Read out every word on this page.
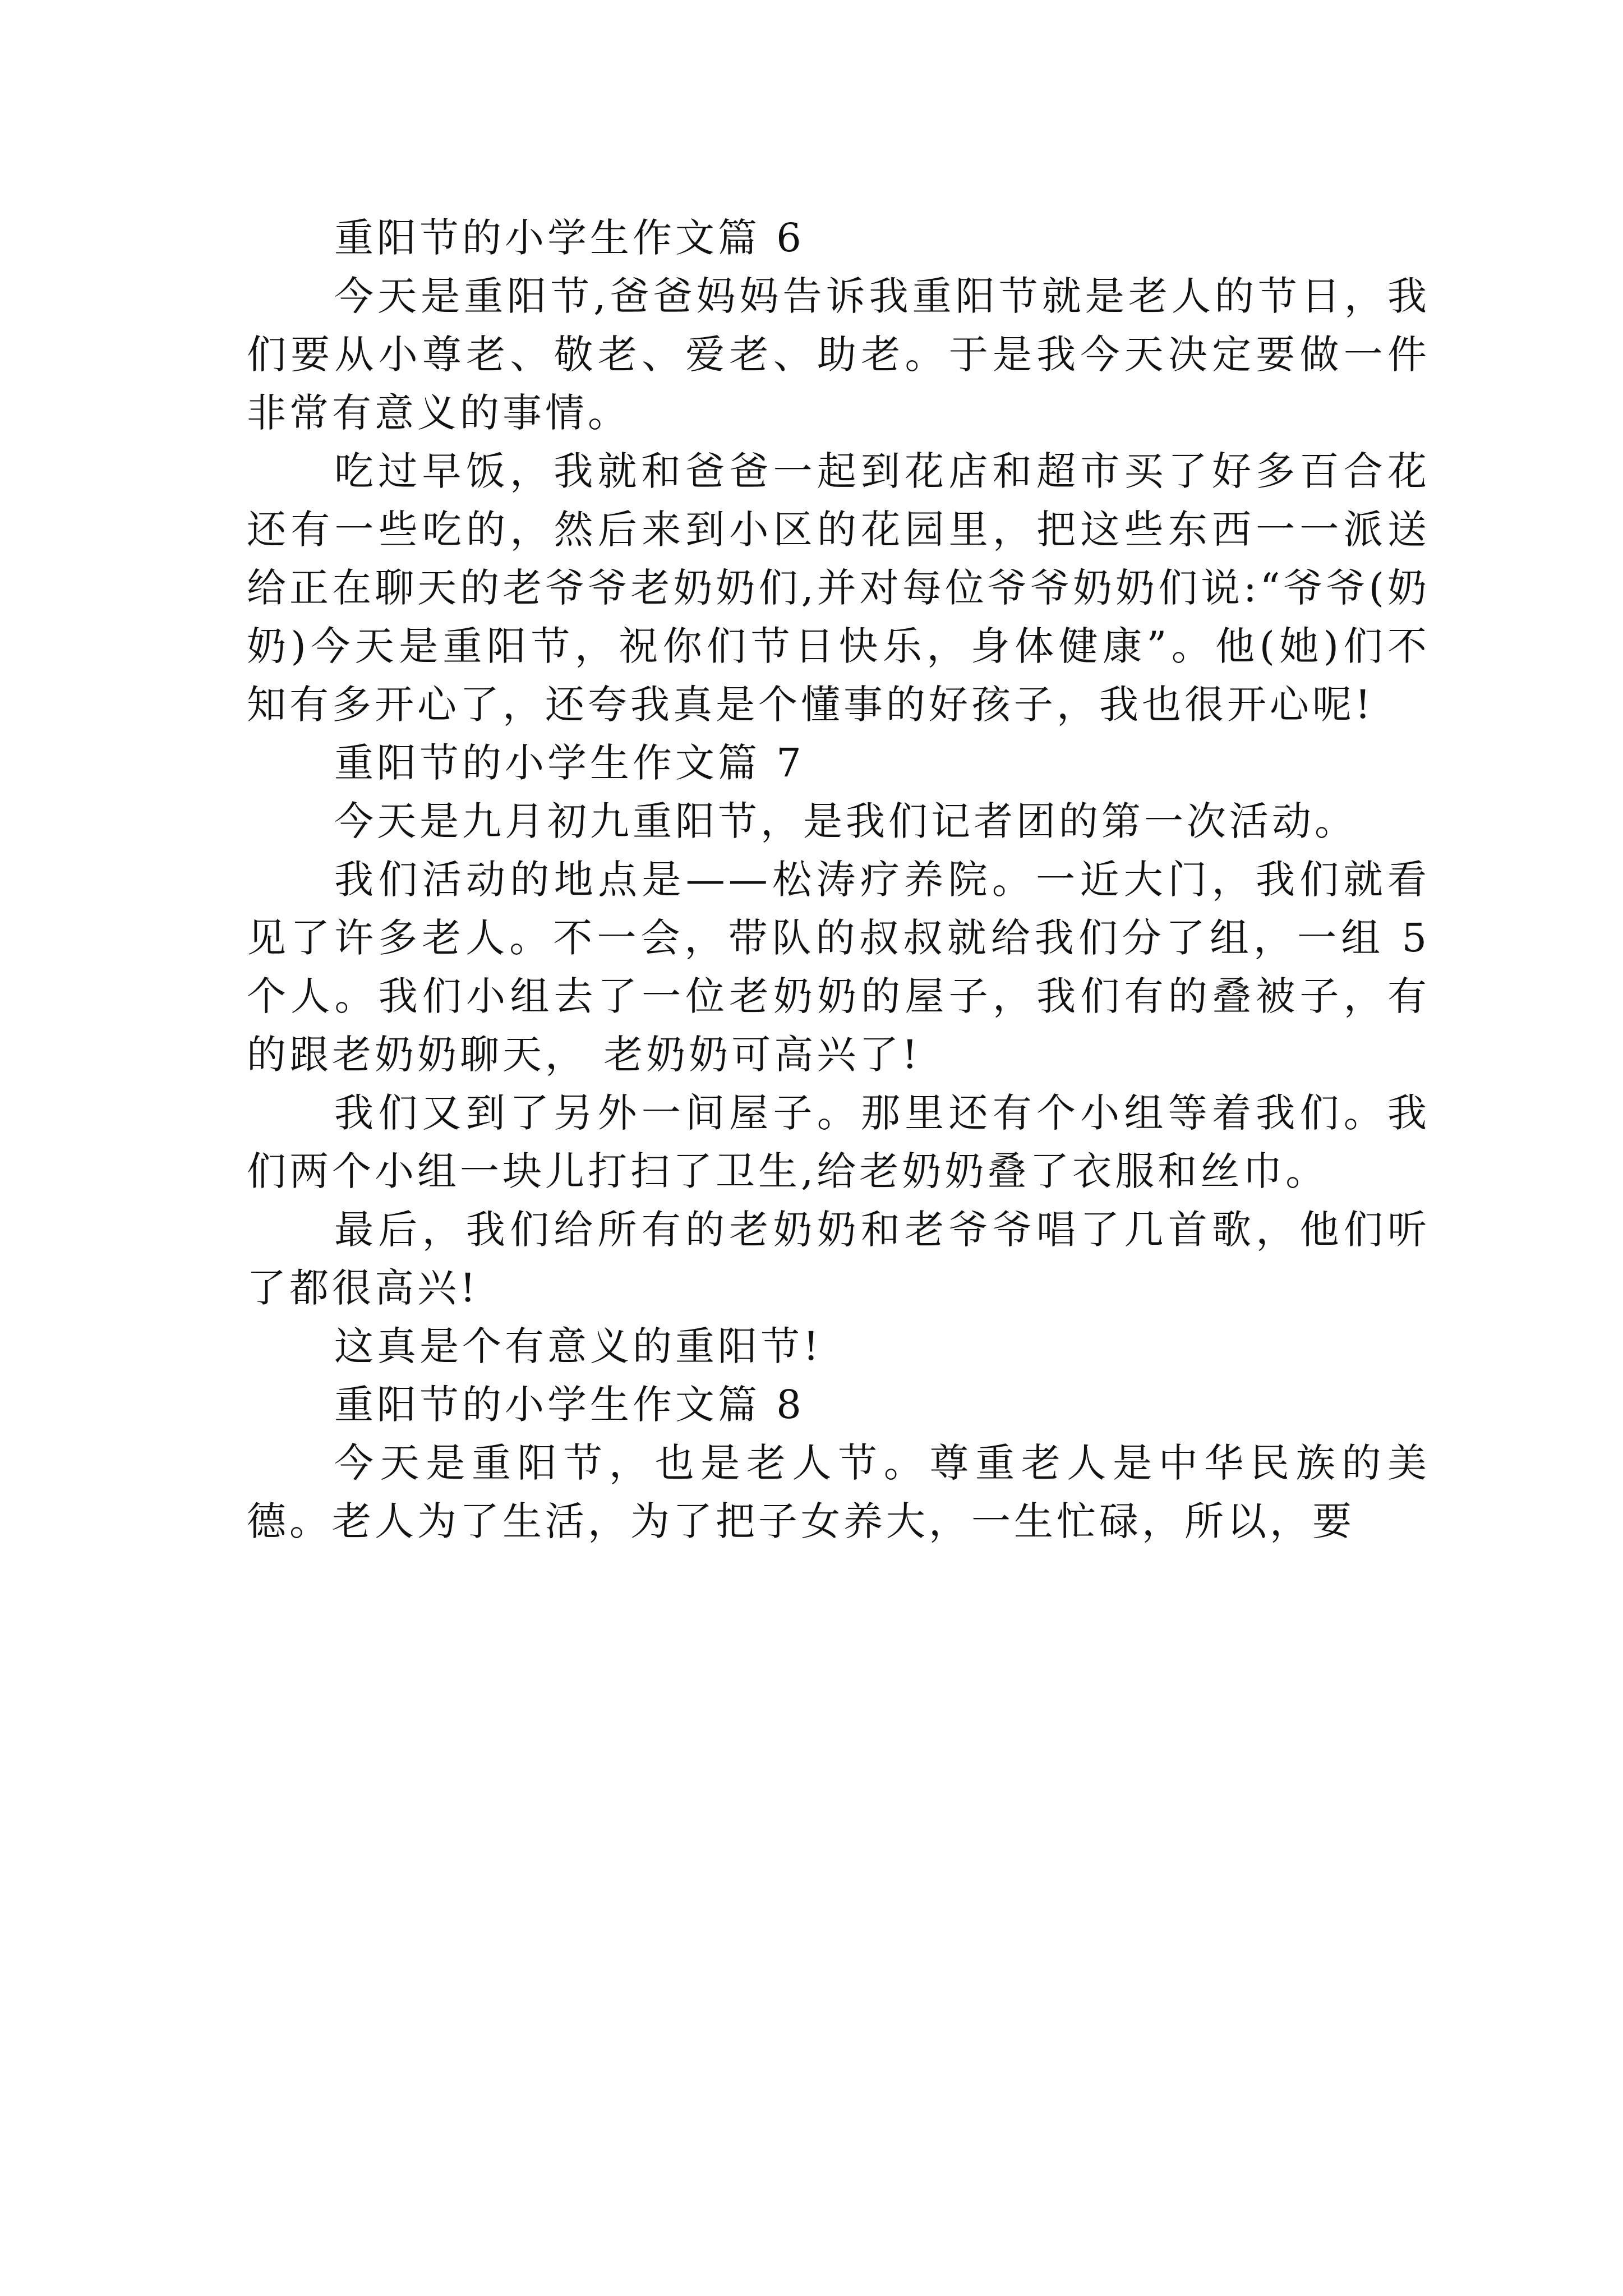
重阳节的小学生作文篇 6

今天是重阳节,爸爸妈妈告诉我重阳节就是老人的节日，我们要从小尊老、敬老、爱老、助老。于是我今天决定要做一件非常有意义的事情。

吃过早饭，我就和爸爸一起到花店和超市买了好多百合花还有一些吃的，然后来到小区的花园里，把这些东西一一派送给正在聊天的老爷爷老奶奶们,并对每位爷爷奶奶们说:“爷爷(奶奶)今天是重阳节，祝你们节日快乐，身体健康”。他(她)们不知有多开心了，还夸我真是个懂事的好孩子，我也很开心呢!

重阳节的小学生作文篇 7

今天是九月初九重阳节，是我们记者团的第一次活动。

我们活动的地点是——松涛疗养院。一近大门，我们就看见了许多老人。不一会，带队的叔叔就给我们分了组，一组 5 个人。我们小组去了一位老奶奶的屋子，我们有的叠被子，有的跟老奶奶聊天， 老奶奶可高兴了!

我们又到了另外一间屋子。那里还有个小组等着我们。我们两个小组一块儿打扫了卫生,给老奶奶叠了衣服和丝巾。

最后，我们给所有的老奶奶和老爷爷唱了几首歌，他们听了都很高兴!

这真是个有意义的重阳节!

重阳节的小学生作文篇 8

今天是重阳节，也是老人节。尊重老人是中华民族的美德。老人为了生活，为了把子女养大，一生忙碌，所以，要
